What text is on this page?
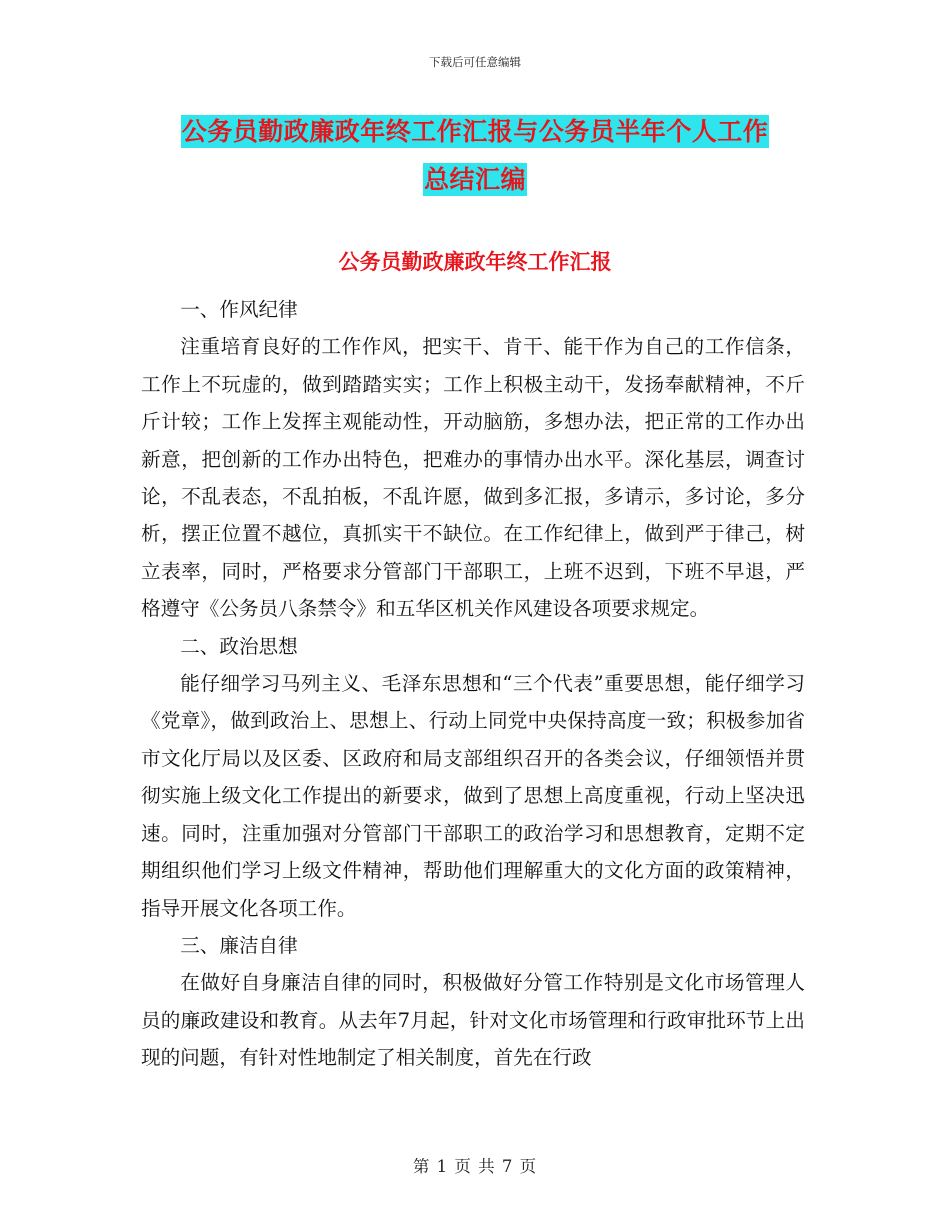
下载后可任意编辑
公务员勤政廉政年终工作汇报与公务员半年个人工作
总结汇编
公务员勤政廉政年终工作汇报

一、作风纪律

注重培育良好的工作作风，把实干、肯干、能干作为自己的工作信条，工作上不玩虚的，做到踏踏实实；工作上积极主动干，发扬奉献精神，不斤斤计较；工作上发挥主观能动性，开动脑筋，多想办法，把正常的工作办出新意，把创新的工作办出特色，把难办的事情办出水平。深化基层，调查讨论，不乱表态，不乱拍板，不乱许愿，做到多汇报，多请示，多讨论，多分析，摆正位置不越位，真抓实干不缺位。在工作纪律上，做到严于律己，树立表率，同时，严格要求分管部门干部职工，上班不迟到，下班不早退，严格遵守《公务员八条禁令》和五华区机关作风建设各项要求规定。

二、政治思想

能仔细学习马列主义、毛泽东思想和“三个代表”重要思想，能仔细学习《党章》，做到政治上、思想上、行动上同党中央保持高度一致；积极参加省市文化厅局以及区委、区政府和局支部组织召开的各类会议，仔细领悟并贯彻实施上级文化工作提出的新要求，做到了思想上高度重视，行动上坚决迅速。同时，注重加强对分管部门干部职工的政治学习和思想教育，定期不定期组织他们学习上级文件精神，帮助他们理解重大的文化方面的政策精神，指导开展文化各项工作。

三、廉洁自律

在做好自身廉洁自律的同时，积极做好分管工作特别是文化市场管理人员的廉政建设和教育。从去年7月起，针对文化市场管理和行政审批环节上出现的问题，有针对性地制定了相关制度，首先在行政

第 1 页 共 7 页
